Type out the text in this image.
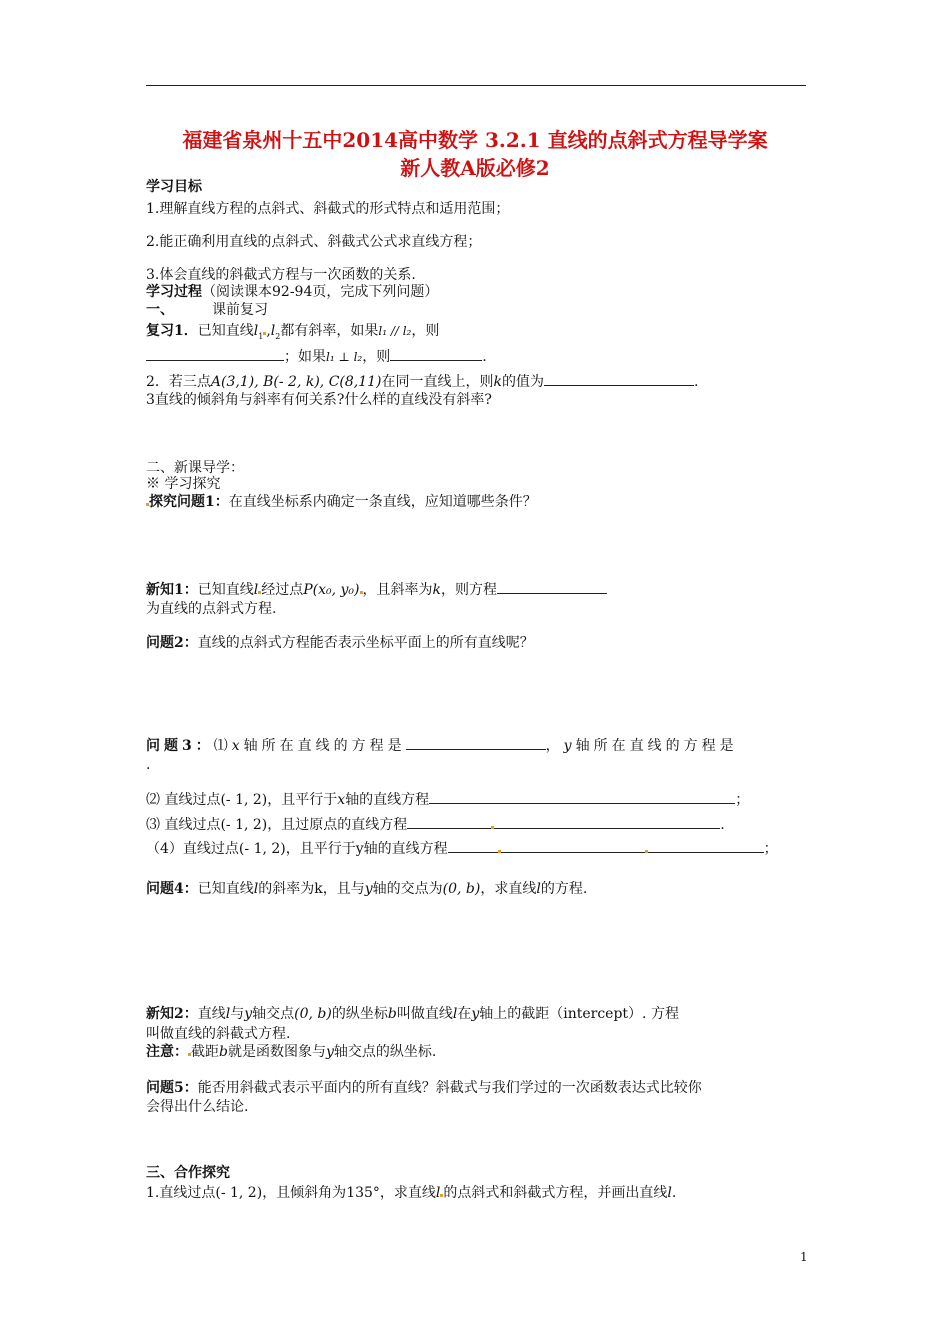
福建省泉州十五中2014高中数学 3.2.1 直线的点斜式方程导学案
新人教A版必修2
学习目标
1.理解直线方程的点斜式、斜截式的形式特点和适用范围；
2.能正确利用直线的点斜式、斜截式公式求直线方程；
3.体会直线的斜截式方程与一次函数的关系.
学习过程（阅读课本92-94页，完成下列问题）
一、	课前复习
复习1．已知直线$l_1$ $,l_2$都有斜率，如果l₁ // l₂，则
；如果l₁ ⊥ l₂，则	.
2．若三点A(3,1), B(- 2, k), C(8,11)在同一直线上，则k的值为	.
3直线的倾斜角与斜率有何关系?什么样的直线没有斜率?
二、新课导学：
※ 学习探究
探究问题1：在直线坐标系内确定一条直线，应知道哪些条件？
新知1：已知直线l 经过点P(x₀, y₀) ，且斜率为k，则方程
为直线的点斜式方程.
问题2：直线的点斜式方程能否表示坐标平面上的所有直线呢？
问题3：⑴x轴所在直线的方程是	，y轴所在直线的方程是
.
⑵ 直线过点(- 1, 2)，且平行于x轴的直线方程	；
⑶ 直线过点(- 1, 2)，且过原点的直线方程	.
（4）直线过点(- 1, 2)，且平行于y轴的直线方程	；
问题4：已知直线l的斜率为k，且与y轴的交点为(0, b)，求直线l的方程.
新知2：直线l与y轴交点(0, b)的纵坐标b叫做直线l在y轴上的截距（intercept）. 方程
叫做直线的斜截式方程.
注意： 截距b就是函数图象与y轴交点的纵坐标.
问题5：能否用斜截式表示平面内的所有直线？斜截式与我们学过的一次函数表达式比较你
会得出什么结论.
三、合作探究
1.直线过点(- 1, 2)，且倾斜角为135°，求直线l 的点斜式和斜截式方程，并画出直线l.
1
